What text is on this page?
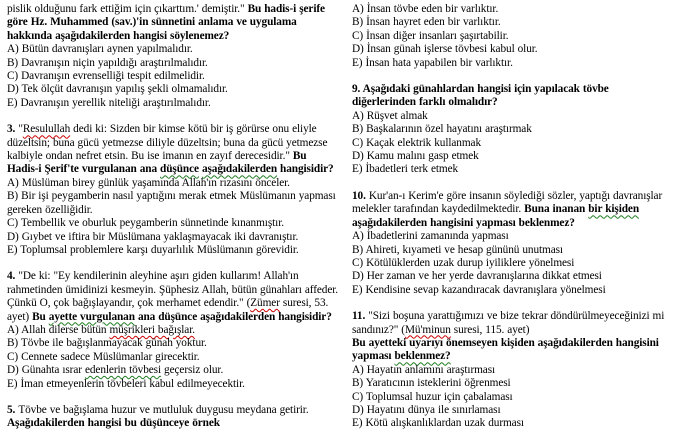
pislik olduğunu fark ettiğim için çıkarttım.' demiştir." Bu hadis-i şerife göre Hz. Muhammed (sav.)'in sünnetini anlama ve uygulama hakkında aşağıdakilerden hangisi söylenemez?
A) Bütün davranışları aynen yapılmalıdır.
B) Davranışın niçin yapıldığı araştırılmalıdır.
C) Davranışın evrenselliği tespit edilmelidir.
D) Tek ölçüt davranışın yapılış şekli olmamalıdır.
E) Davranışın yerellik niteliği araştırılmalıdır.
3. "Resulullah dedi ki: Sizden bir kimse kötü bir iş görürse onu eliyle düzeltsin; buna gücü yetmezse diliyle düzeltsin; buna da gücü yetmezse kalbiyle ondan nefret etsin. Bu ise imanın en zayıf derecesidir." Bu Hadis-i Şerif'te vurgulanan ana düşünce aşağıdakilerden hangisidir?
A) Müslüman birey günlük yaşamında Allah'ın rızasını önceler.
B) Bir işi peygamberin nasıl yaptığını merak etmek Müslümanın yapması gereken özelliğidir.
C) Tembellik ve oburluk peygamberin sünnetinde kınanmıştır.
D) Gıybet ve iftira bir Müslümana yaklaşmayacak iki davranıştır.
E) Toplumsal problemlere karşı duyarlılık Müslümanın görevidir.
4. "De ki: "Ey kendilerinin aleyhine aşırı giden kullarım! Allah'ın rahmetinden ümidinizi kesmeyin. Şüphesiz Allah, bütün günahları affeder. Çünkü O, çok bağışlayandır, çok merhamet edendir." (Zümer suresi, 53. ayet) Bu ayette vurgulanan ana düşünce aşağıdakilerden hangisidir?
A) Allah dilerse bütün müşrikleri bağışlar.
B) Tövbe ile bağışlanmayacak günah yoktur.
C) Cennete sadece Müslümanlar girecektir.
D) Günahta ısrar edenlerin tövbesi geçersiz olur.
E) İman etmeyenlerin tövbeleri kabul edilmeyecektir.
5. Tövbe ve bağışlama huzur ve mutluluk duygusu meydana getirir. Aşağıdakilerden hangisi bu düşünceye örnek
A) İnsan tövbe eden bir varlıktır.
B) İnsan hayret eden bir varlıktır.
C) İnsan diğer insanları şaşırtabilir.
D) İnsan günah işlerse tövbesi kabul olur.
E) İnsan hata yapabilen bir varlıktır.
9. Aşağıdaki günahlardan hangisi için yapılacak tövbe diğerlerinden farklı olmalıdır?
A) Rüşvet almak
B) Başkalarının özel hayatını araştırmak
C) Kaçak elektrik kullanmak
D) Kamu malını gasp etmek
E) İbadetleri terk etmek
10. Kur'an-ı Kerim'e göre insanın söylediği sözler, yaptığı davranışlar melekler tarafından kaydedilmektedir. Buna inanan bir kişiden aşağıdakilerden hangisini yapması beklenmez?
A) İbadetlerini zamanında yapması
B) Ahireti, kıyameti ve hesap gününü unutması
C) Kötülüklerden uzak durup iyiliklere yönelmesi
D) Her zaman ve her yerde davranışlarına dikkat etmesi
E) Kendisine sevap kazandıracak davranışlara yönelmesi
11. "Sizi boşuna yarattığımızı ve bize tekrar döndürülmeyeceğinizi mi sandınız?" (Mü'minun suresi, 115. ayet)
Bu ayetteki uyarıyı önemseyen kişiden aşağıdakilerden hangisini yapması beklenmez?
A) Hayatın anlamını araştırması
B) Yaratıcının isteklerini öğrenmesi
C) Toplumsal huzur için çabalaması
D) Hayatını dünya ile sınırlaması
E) Kötü alışkanlıklardan uzak durması
